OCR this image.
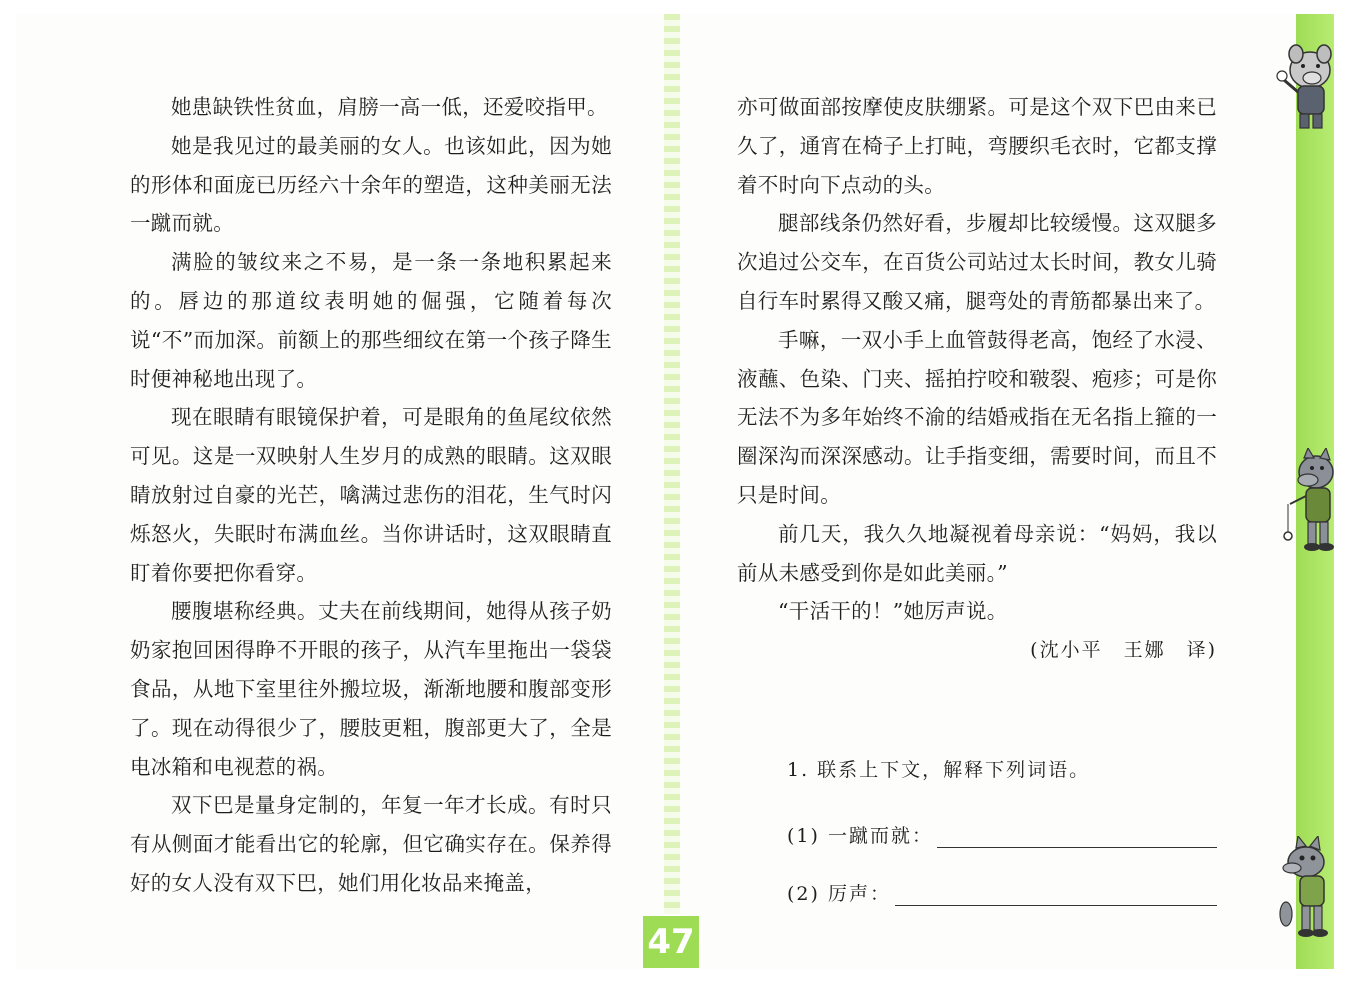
她患缺铁性贫血，肩膀一高一低，还爱咬指甲。

她是我见过的最美丽的女人。也该如此，因为她的形体和面庞已历经六十余年的塑造，这种美丽无法一蹴而就。

满脸的皱纹来之不易，是一条一条地积累起来的。唇边的那道纹表明她的倔强，它随着每次说“不”而加深。前额上的那些细纹在第一个孩子降生时便神秘地出现了。

现在眼睛有眼镜保护着，可是眼角的鱼尾纹依然可见。这是一双映射人生岁月的成熟的眼睛。这双眼睛放射过自豪的光芒，噙满过悲伤的泪花，生气时闪烁怒火，失眠时布满血丝。当你讲话时，这双眼睛直盯着你要把你看穿。

腰腹堪称经典。丈夫在前线期间，她得从孩子奶奶家抱回困得睁不开眼的孩子，从汽车里拖出一袋袋食品，从地下室里往外搬垃圾，渐渐地腰和腹部变形了。现在动得很少了，腰肢更粗，腹部更大了，全是电冰箱和电视惹的祸。

双下巴是量身定制的，年复一年才长成。有时只有从侧面才能看出它的轮廓，但它确实存在。保养得好的女人没有双下巴，她们用化妆品来掩盖，

亦可做面部按摩使皮肤绷紧。可是这个双下巴由来已久了，通宵在椅子上打盹，弯腰织毛衣时，它都支撑着不时向下点动的头。

腿部线条仍然好看，步履却比较缓慢。这双腿多次追过公交车，在百货公司站过太长时间，教女儿骑自行车时累得又酸又痛，腿弯处的青筋都暴出来了。

手嘛，一双小手上血管鼓得老高，饱经了水浸、液蘸、色染、门夹、摇拍拧咬和皲裂、疱疹；可是你无法不为多年始终不渝的结婚戒指在无名指上箍的一圈深沟而深深感动。让手指变细，需要时间，而且不只是时间。

前几天，我久久地凝视着母亲说：“妈妈，我以前从未感受到你是如此美丽。”

“干活干的！”她厉声说。

(沈小平　王娜　译)

1. 联系上下文，解释下列词语。

(1) 一蹴而就：
(2) 厉声：
47
